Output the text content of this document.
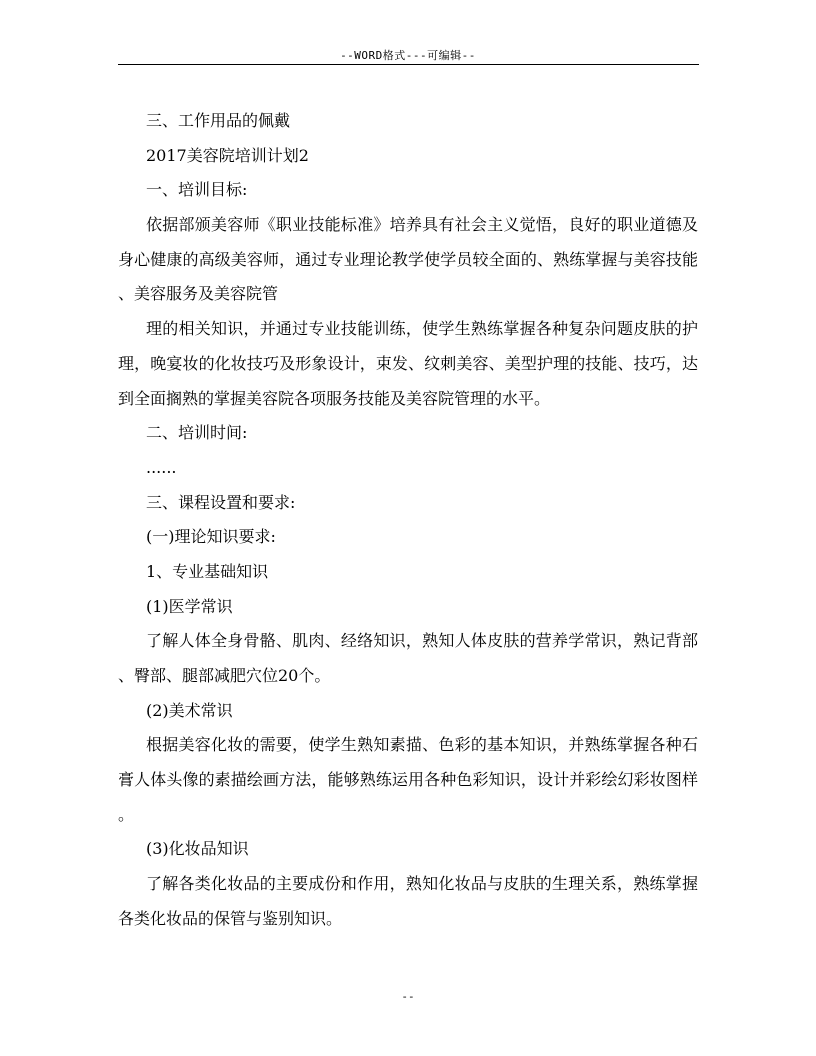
--WORD格式---可编辑--
三、工作用品的佩戴
2017美容院培训计划2
一、培训目标:
依据部颁美容师《职业技能标准》培养具有社会主义觉悟，良好的职业道德及
身心健康的高级美容师，通过专业理论教学使学员较全面的、熟练掌握与美容技能
、美容服务及美容院管
理的相关知识，并通过专业技能训练，使学生熟练掌握各种复杂问题皮肤的护
理，晚宴妆的化妆技巧及形象设计，束发、纹刺美容、美型护理的技能、技巧，达
到全面搁熟的掌握美容院各项服务技能及美容院管理的水平。
二、培训时间:
......
三、课程设置和要求:
(一)理论知识要求:
1、专业基础知识
(1)医学常识
了解人体全身骨骼、肌肉、经络知识，熟知人体皮肤的营养学常识，熟记背部
、臀部、腿部减肥穴位20个。
(2)美术常识
根据美容化妆的需要，使学生熟知素描、色彩的基本知识，并熟练掌握各种石
膏人体头像的素描绘画方法，能够熟练运用各种色彩知识，设计并彩绘幻彩妆图样
。
(3)化妆品知识
了解各类化妆品的主要成份和作用，熟知化妆品与皮肤的生理关系，熟练掌握
各类化妆品的保管与鉴别知识。
--
